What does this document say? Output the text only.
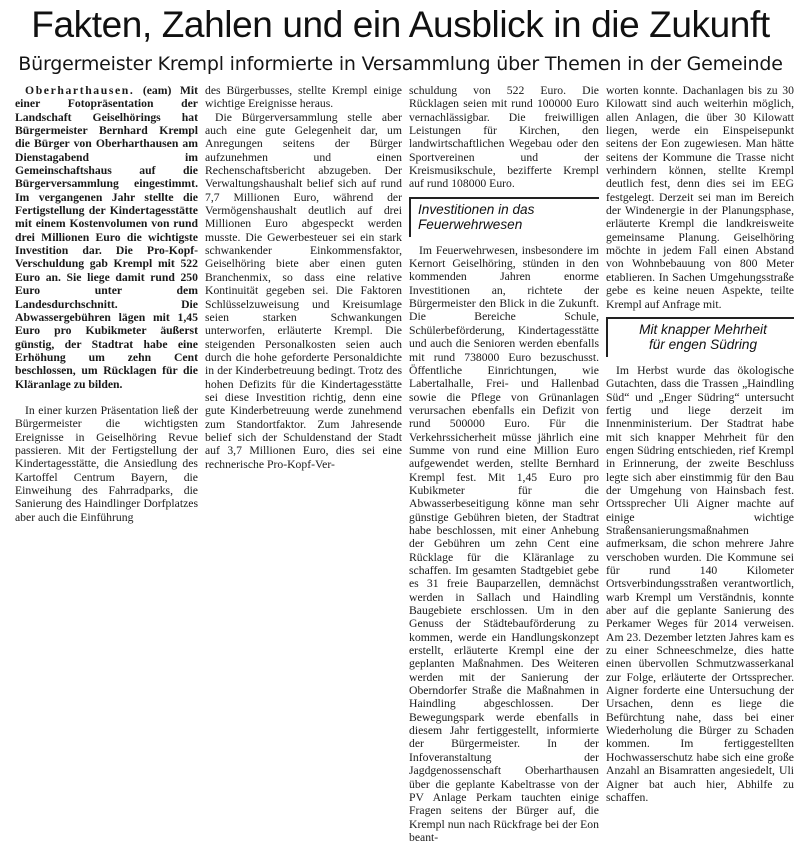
Fakten, Zahlen und ein Ausblick in die Zukunft
Bürgermeister Krempl informierte in Versammlung über Themen in der Gemeinde

Oberharthausen. (eam) Mit einer Fotopräsentation der Landschaft Geiselhörings hat Bürgermeister Bernhard Krempl die Bürger von Oberharthausen am Dienstagabend im Gemeinschaftshaus auf die Bürgerversammlung eingestimmt. Im vergangenen Jahr stellte die Fertigstellung der Kindertagesstätte mit einem Kostenvolumen von rund drei Millionen Euro die wichtigste Investition dar. Die Pro-Kopf-Verschuldung gab Krempl mit 522 Euro an. Sie liege damit rund 250 Euro unter dem Landesdurchschnitt. Die Abwassergebühren lägen mit 1,45 Euro pro Kubikmeter äußerst günstig, der Stadtrat habe eine Erhöhung um zehn Cent beschlossen, um Rücklagen für die Kläranlage zu bilden.

In einer kurzen Präsentation ließ der Bürgermeister die wichtigsten Ereignisse in Geiselhöring Revue passieren. Mit der Fertigstellung der Kindertagesstätte, die Ansiedlung des Kartoffel Centrum Bayern, die Einweihung des Fahrradparks, die Sanierung des Haindlinger Dorfplatzes aber auch die Einführung

des Bürgerbusses, stellte Krempl einige wichtige Ereignisse heraus.

Die Bürgerversammlung stelle aber auch eine gute Gelegenheit dar, um Anregungen seitens der Bürger aufzunehmen und einen Rechenschaftsbericht abzugeben. Der Verwaltungshaushalt belief sich auf rund 7,7 Millionen Euro, während der Vermögenshaushalt deutlich auf drei Millionen Euro abgespeckt werden musste. Die Gewerbesteuer sei ein stark schwankender Einkommensfaktor, Geiselhöring biete aber einen guten Branchenmix, so dass eine relative Kontinuität gegeben sei. Die Faktoren Schlüsselzuweisung und Kreisumlage seien starken Schwankungen unterworfen, erläuterte Krempl. Die steigenden Personalkosten seien auch durch die hohe geforderte Personaldichte in der Kinderbetreuung bedingt. Trotz des hohen Defizits für die Kindertagesstätte sei diese Investition richtig, denn eine gute Kinderbetreuung werde zunehmend zum Standortfaktor. Zum Jahresende belief sich der Schuldenstand der Stadt auf 3,7 Millionen Euro, dies sei eine rechnerische Pro-Kopf-Ver-

schuldung von 522 Euro. Die Rücklagen seien mit rund 100000 Euro vernachlässigbar. Die freiwilligen Leistungen für Kirchen, den landwirtschaftlichen Wegebau oder den Sportvereinen und der Kreismusikschule, bezifferte Krempl auf rund 108000 Euro.

Investitionen in das
Feuerwehrwesen

Im Feuerwehrwesen, insbesondere im Kernort Geiselhöring, stünden in den kommenden Jahren enorme Investitionen an, richtete der Bürgermeister den Blick in die Zukunft. Die Bereiche Schule, Schülerbeförderung, Kindertagesstätte und auch die Senioren werden ebenfalls mit rund 738000 Euro bezuschusst. Öffentliche Einrichtungen, wie Labertalhalle, Frei- und Hallenbad sowie die Pflege von Grünanlagen verursachen ebenfalls ein Defizit von rund 500000 Euro. Für die Verkehrssicherheit müsse jährlich eine Summe von rund eine Million Euro aufgewendet werden, stellte Bernhard Krempl fest. Mit 1,45 Euro pro Kubikmeter für die Abwasserbeseitigung könne man sehr günstige Gebühren bieten, der Stadtrat habe beschlossen, mit einer Anhebung der Gebühren um zehn Cent eine Rücklage für die Kläranlage zu schaffen. Im gesamten Stadtgebiet gebe es 31 freie Bauparzellen, demnächst werden in Sallach und Haindling Baugebiete erschlossen. Um in den Genuss der Städtebauförderung zu kommen, werde ein Handlungskonzept erstellt, erläuterte Krempl eine der geplanten Maßnahmen. Des Weiteren werden mit der Sanierung der Oberndorfer Straße die Maßnahmen in Haindling abgeschlossen. Der Bewegungspark werde ebenfalls in diesem Jahr fertiggestellt, informierte der Bürgermeister. In der Infoveranstaltung der Jagdgenossenschaft Oberharthausen über die geplante Kabeltrasse von der PV Anlage Perkam tauchten einige Fragen seitens der Bürger auf, die Krempl nun nach Rückfrage bei der Eon beant-

worten konnte. Dachanlagen bis zu 30 Kilowatt sind auch weiterhin möglich, allen Anlagen, die über 30 Kilowatt liegen, werde ein Einspeisepunkt seitens der Eon zugewiesen. Man hätte seitens der Kommune die Trasse nicht verhindern können, stellte Krempl deutlich fest, denn dies sei im EEG festgelegt. Derzeit sei man im Bereich der Windenergie in der Planungsphase, erläuterte Krempl die landkreisweite gemeinsame Planung. Geiselhöring möchte in jedem Fall einen Abstand von Wohnbebauung von 800 Meter etablieren. In Sachen Umgehungsstraße gebe es keine neuen Aspekte, teilte Krempl auf Anfrage mit.

Mit knapper Mehrheit
für engen Südring

Im Herbst wurde das ökologische Gutachten, dass die Trassen „Haindling Süd“ und „Enger Südring“ untersucht fertig und liege derzeit im Innenministerium. Der Stadtrat habe mit sich knapper Mehrheit für den engen Südring entschieden, rief Krempl in Erinnerung, der zweite Beschluss legte sich aber einstimmig für den Bau der Umgehung von Hainsbach fest. Ortssprecher Uli Aigner machte auf einige wichtige Straßensanierungsmaßnahmen aufmerksam, die schon mehrere Jahre verschoben wurden. Die Kommune sei für rund 140 Kilometer Ortsverbindungsstraßen verantwortlich, warb Krempl um Verständnis, konnte aber auf die geplante Sanierung des Perkamer Weges für 2014 verweisen. Am 23. Dezember letzten Jahres kam es zu einer Schneeschmelze, dies hatte einen übervollen Schmutzwasserkanal zur Folge, erläuterte der Ortssprecher. Aigner forderte eine Untersuchung der Ursachen, denn es liege die Befürchtung nahe, dass bei einer Wiederholung die Bürger zu Schaden kommen. Im fertiggestellten Hochwasserschutz habe sich eine große Anzahl an Bisamratten angesiedelt, Uli Aigner bat auch hier, Abhilfe zu schaffen.
